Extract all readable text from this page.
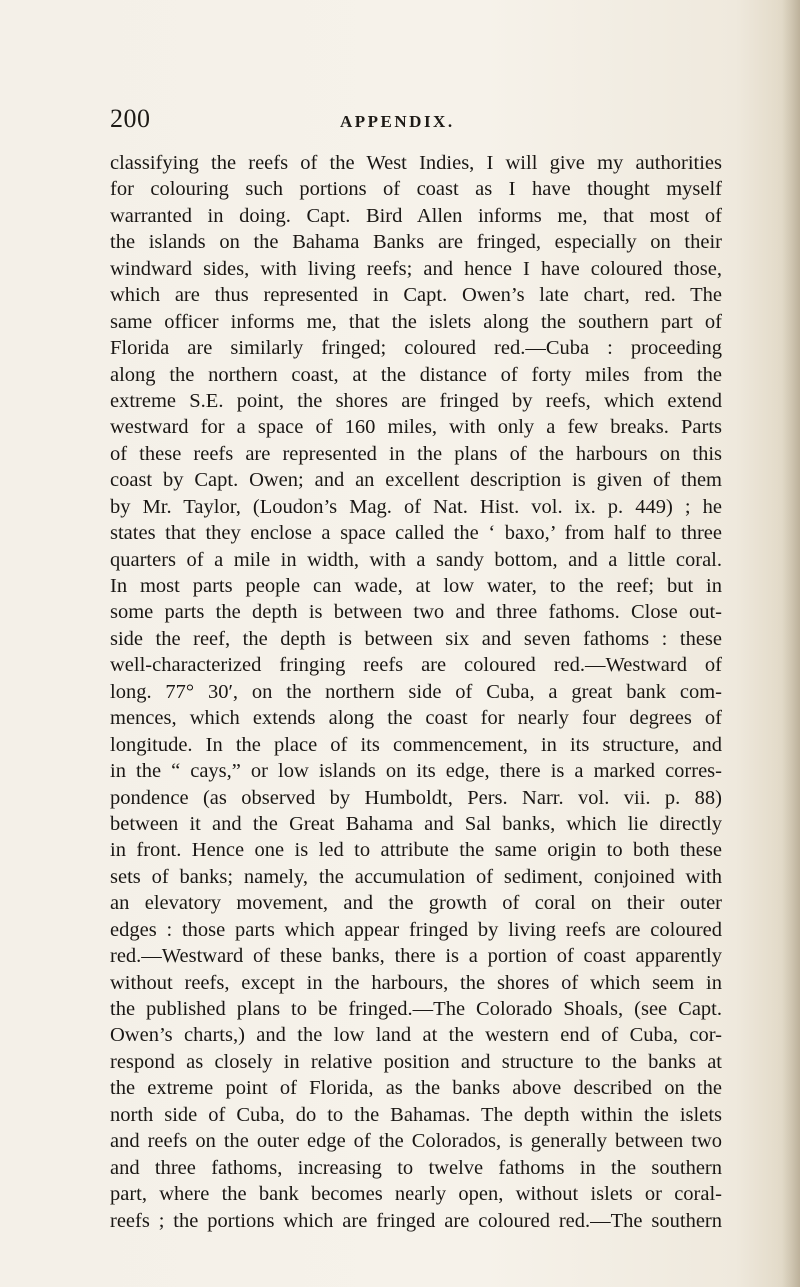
200	APPENDIX.
classifying the reefs of the West Indies, I will give my authorities
for colouring such portions of coast as I have thought myself
warranted in doing. Capt. Bird Allen informs me, that most of
the islands on the Bahama Banks are fringed, especially on their
windward sides, with living reefs; and hence I have coloured those,
which are thus represented in Capt. Owen’s late chart, red. The
same officer informs me, that the islets along the southern part of
Florida are similarly fringed; coloured red.—Cuba : proceeding
along the northern coast, at the distance of forty miles from the
extreme S.E. point, the shores are fringed by reefs, which extend
westward for a space of 160 miles, with only a few breaks. Parts
of these reefs are represented in the plans of the harbours on this
coast by Capt. Owen; and an excellent description is given of them
by Mr. Taylor, (Loudon’s Mag. of Nat. Hist. vol. ix. p. 449) ; he
states that they enclose a space called the ‘ baxo,’ from half to three
quarters of a mile in width, with a sandy bottom, and a little coral.
In most parts people can wade, at low water, to the reef; but in
some parts the depth is between two and three fathoms. Close out-
side the reef, the depth is between six and seven fathoms : these
well-characterized fringing reefs are coloured red.—Westward of
long. 77° 30′, on the northern side of Cuba, a great bank com-
mences, which extends along the coast for nearly four degrees of
longitude. In the place of its commencement, in its structure, and
in the “ cays,” or low islands on its edge, there is a marked corres-
pondence (as observed by Humboldt, Pers. Narr. vol. vii. p. 88)
between it and the Great Bahama and Sal banks, which lie directly
in front. Hence one is led to attribute the same origin to both these
sets of banks; namely, the accumulation of sediment, conjoined with
an elevatory movement, and the growth of coral on their outer
edges : those parts which appear fringed by living reefs are coloured
red.—Westward of these banks, there is a portion of coast apparently
without reefs, except in the harbours, the shores of which seem in
the published plans to be fringed.—The Colorado Shoals, (see Capt.
Owen’s charts,) and the low land at the western end of Cuba, cor-
respond as closely in relative position and structure to the banks at
the extreme point of Florida, as the banks above described on the
north side of Cuba, do to the Bahamas. The depth within the islets
and reefs on the outer edge of the Colorados, is generally between two
and three fathoms, increasing to twelve fathoms in the southern
part, where the bank becomes nearly open, without islets or coral-
reefs ; the portions which are fringed are coloured red.—The southern
